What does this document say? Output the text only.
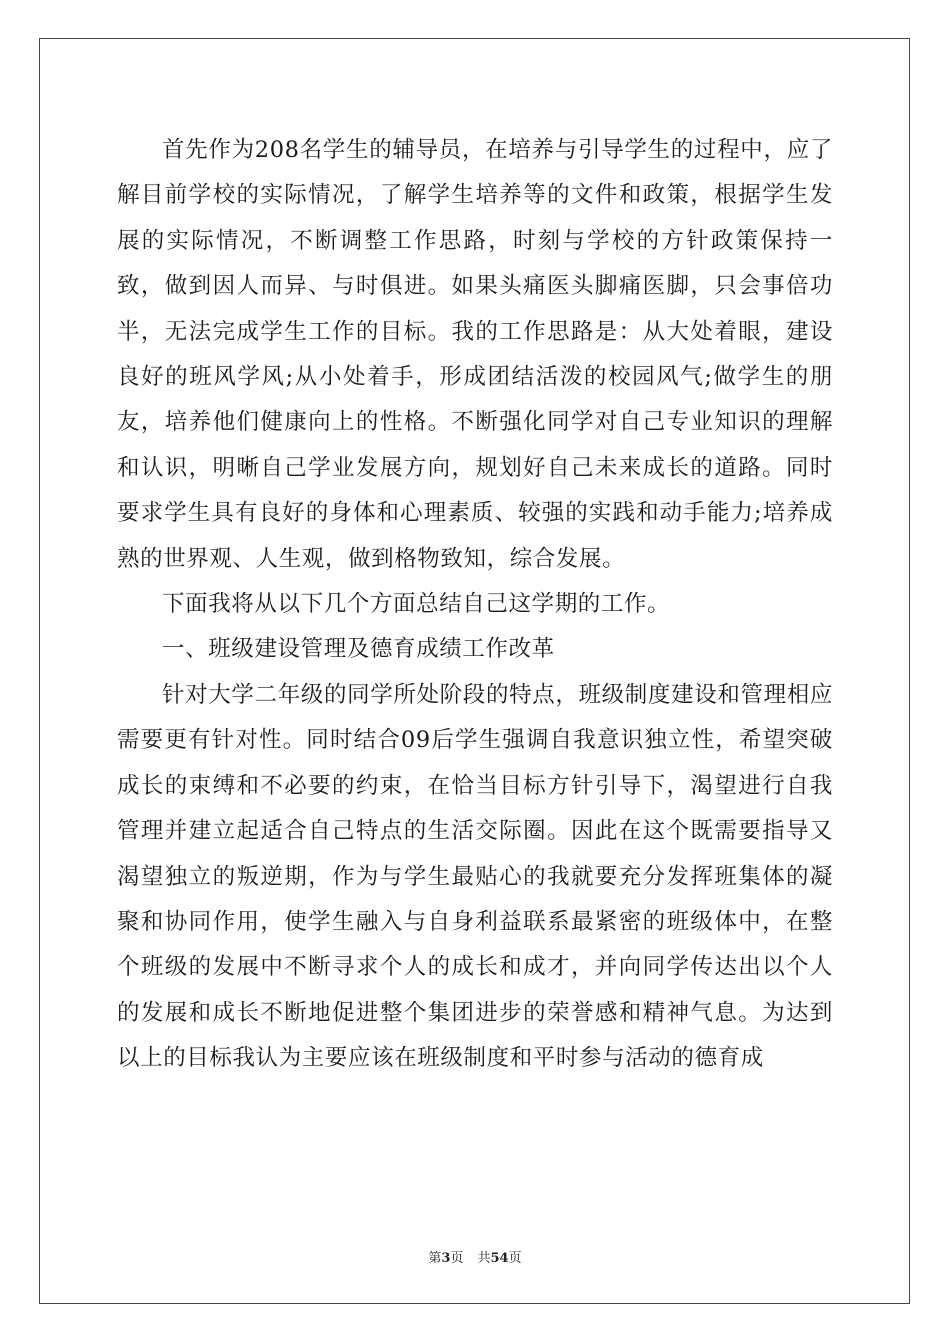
首先作为208名学生的辅导员，在培养与引导学生的过程中，应了解目前学校的实际情况，了解学生培养等的文件和政策，根据学生发展的实际情况，不断调整工作思路，时刻与学校的方针政策保持一致，做到因人而异、与时俱进。如果头痛医头脚痛医脚，只会事倍功半，无法完成学生工作的目标。我的工作思路是：从大处着眼，建设良好的班风学风;从小处着手，形成团结活泼的校园风气;做学生的朋友，培养他们健康向上的性格。不断强化同学对自己专业知识的理解和认识，明晰自己学业发展方向，规划好自己未来成长的道路。同时要求学生具有良好的身体和心理素质、较强的实践和动手能力;培养成熟的世界观、人生观，做到格物致知，综合发展。

下面我将从以下几个方面总结自己这学期的工作。

一、班级建设管理及德育成绩工作改革

针对大学二年级的同学所处阶段的特点，班级制度建设和管理相应需要更有针对性。同时结合09后学生强调自我意识独立性，希望突破成长的束缚和不必要的约束，在恰当目标方针引导下，渴望进行自我管理并建立起适合自己特点的生活交际圈。因此在这个既需要指导又渴望独立的叛逆期，作为与学生最贴心的我就要充分发挥班集体的凝聚和协同作用，使学生融入与自身利益联系最紧密的班级体中，在整个班级的发展中不断寻求个人的成长和成才，并向同学传达出以个人的发展和成长不断地促进整个集团进步的荣誉感和精神气息。为达到以上的目标我认为主要应该在班级制度和平时参与活动的德育成

第3页 共54页
